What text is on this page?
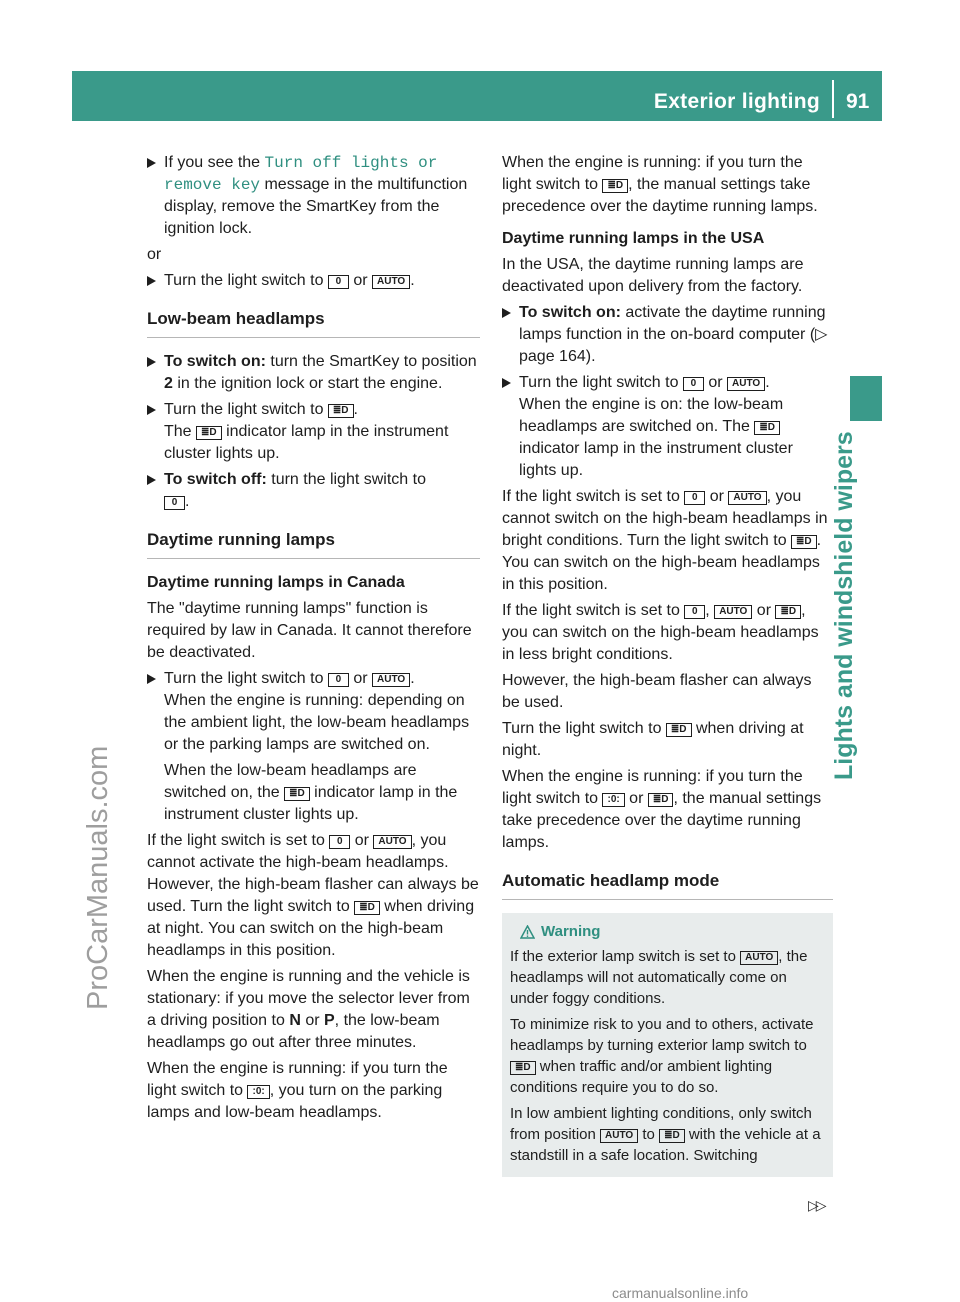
Exterior lighting 91
Lights and windshield wipers
ProCarManuals.com
If you see the Turn off lights or remove key message in the multifunction display, remove the SmartKey from the ignition lock.

or

Turn the light switch to 0 or AUTO .
Low-beam headlamps
To switch on: turn the SmartKey to position 2 in the ignition lock or start the engine.
Turn the light switch to ≣D .
The ≣D indicator lamp in the instrument cluster lights up.
To switch off: turn the light switch to
0 .
Daytime running lamps

Daytime running lamps in Canada

The "daytime running lamps" function is required by law in Canada. It cannot therefore be deactivated.

Turn the light switch to 0 or AUTO .
When the engine is running: depending on the ambient light, the low-beam headlamps or the parking lamps are switched on.
When the low-beam headlamps are switched on, the ≣D indicator lamp in the instrument cluster lights up.

If the light switch is set to 0 or AUTO , you cannot activate the high-beam headlamps. However, the high-beam flasher can always be used. Turn the light switch to ≣D when driving at night. You can switch on the high-beam headlamps in this position.

When the engine is running and the vehicle is stationary: if you move the selector lever from a driving position to N or P, the low-beam headlamps go out after three minutes.

When the engine is running: if you turn the light switch to :0: , you turn on the parking lamps and low-beam headlamps.

When the engine is running: if you turn the light switch to ≣D , the manual settings take precedence over the daytime running lamps.

Daytime running lamps in the USA

In the USA, the daytime running lamps are deactivated upon delivery from the factory.

To switch on: activate the daytime running lamps function in the on-board computer (▷ page 164).
Turn the light switch to 0 or AUTO .
When the engine is on: the low-beam headlamps are switched on. The ≣D indicator lamp in the instrument cluster lights up.

If the light switch is set to 0 or AUTO , you cannot switch on the high-beam headlamps in bright conditions. Turn the light switch to ≣D . You can switch on the high-beam headlamps in this position.

If the light switch is set to 0 , AUTO or ≣D , you can switch on the high-beam headlamps in less bright conditions.

However, the high-beam flasher can always be used.

Turn the light switch to ≣D when driving at night.

When the engine is running: if you turn the light switch to :0: or ≣D , the manual settings take precedence over the daytime running lamps.

Automatic headlamp mode
Warning

If the exterior lamp switch is set to AUTO , the headlamps will not automatically come on under foggy conditions.

To minimize risk to you and to others, activate headlamps by turning exterior lamp switch to ≣D when traffic and/or ambient lighting conditions require you to do so.

In low ambient lighting conditions, only switch from position AUTO to ≣D with the vehicle at a standstill in a safe location. Switching

▷▷
carmanualsonline.info
